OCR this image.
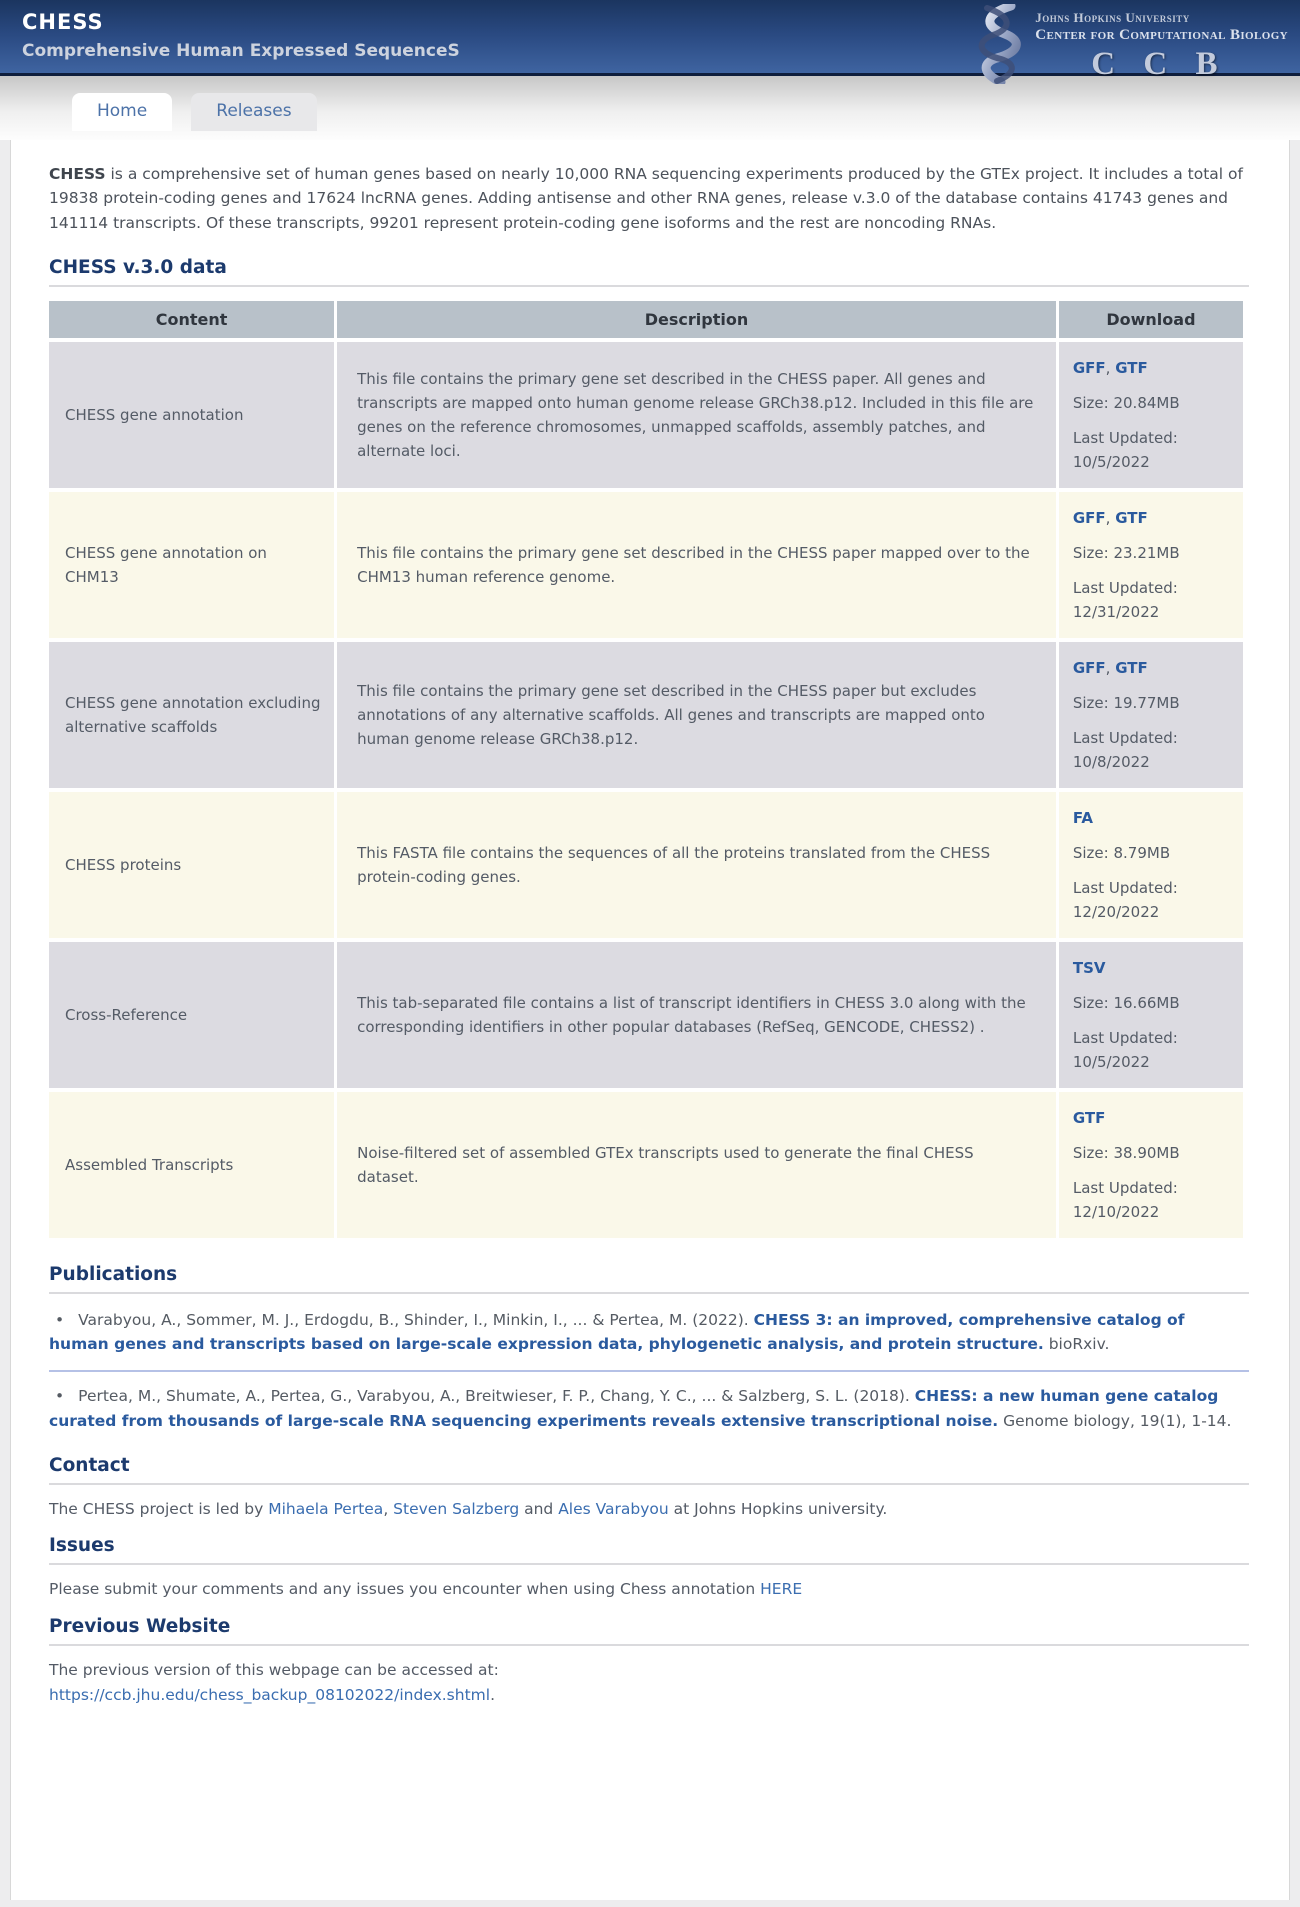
CHESS
Comprehensive Human Expressed SequenceS
Johns Hopkins University
Center for Computational Biology
C C B
Home	Releases

CHESS is a comprehensive set of human genes based on nearly 10,000 RNA sequencing experiments produced by the GTEx project. It includes a total of 19838 protein-coding genes and 17624 lncRNA genes. Adding antisense and other RNA genes, release v.3.0 of the database contains 41743 genes and 141114 transcripts. Of these transcripts, 99201 represent protein-coding gene isoforms and the rest are noncoding RNAs.

CHESS v.3.0 data
Content	Description	Download
CHESS gene annotation	This file contains the primary gene set described in the CHESS paper. All genes and transcripts are mapped onto human genome release GRCh38.p12. Included in this file are genes on the reference chromosomes, unmapped scaffolds, assembly patches, and alternate loci.	
GFF, GTF
Size: 20.84MB
Last Updated:
10/5/2022

CHESS gene annotation on CHM13	This file contains the primary gene set described in the CHESS paper mapped over to the CHM13 human reference genome.	GFF, GTF
Size: 23.21MB
Last Updated:
12/31/2022

CHESS gene annotation excluding alternative scaffolds	This file contains the primary gene set described in the CHESS paper but excludes annotations of any alternative scaffolds. All genes and transcripts are mapped onto human genome release GRCh38.p12.	GFF, GTF
Size: 19.77MB
Last Updated:
10/8/2022

CHESS proteins	This FASTA file contains the sequences of all the proteins translated from the CHESS protein-coding genes.	FA
Size: 8.79MB
Last Updated:
12/20/2022

Cross-Reference	This tab-separated file contains a list of transcript identifiers in CHESS 3.0 along with the corresponding identifiers in other popular databases (RefSeq, GENCODE, CHESS2) .	TSV
Size: 16.66MB
Last Updated:
10/5/2022

Assembled Transcripts	Noise-filtered set of assembled GTEx transcripts used to generate the final CHESS dataset.	GTF
Size: 38.90MB
Last Updated:
12/10/2022
Publications
• Varabyou, A., Sommer, M. J., Erdogdu, B., Shinder, I., Minkin, I., ... & Pertea, M. (2022). CHESS 3: an improved, comprehensive catalog of human genes and transcripts based on large-scale expression data, phylogenetic analysis, and protein structure. bioRxiv.
• Pertea, M., Shumate, A., Pertea, G., Varabyou, A., Breitwieser, F. P., Chang, Y. C., ... & Salzberg, S. L. (2018). CHESS: a new human gene catalog curated from thousands of large-scale RNA sequencing experiments reveals extensive transcriptional noise. Genome biology, 19(1), 1-14.
Contact

The CHESS project is led by Mihaela Pertea, Steven Salzberg and Ales Varabyou at Johns Hopkins university.

Issues

Please submit your comments and any issues you encounter when using Chess annotation HERE

Previous Website

The previous version of this webpage can be accessed at:
https://ccb.jhu.edu/chess_backup_08102022/index.shtml.
